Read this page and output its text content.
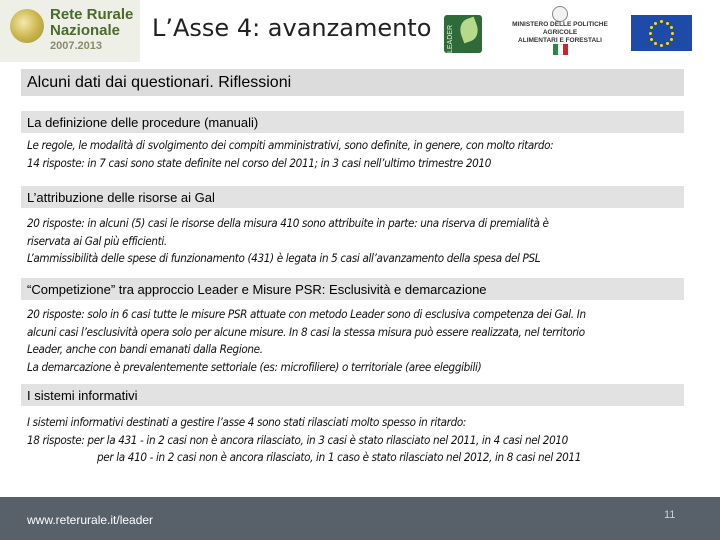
Rete Rurale
Nazionale
2007.2013
L’Asse 4: avanzamento LEADER
MINISTERO DELLE POLITICHE AGRICOLE
ALIMENTARI E FORESTALI
Alcuni dati dai questionari. Riflessioni
La definizione delle procedure (manuali)

Le regole, le modalità di svolgimento dei compiti amministrativi, sono definite, in genere, con molto ritardo:

14 risposte: in 7 casi sono state definite nel corso del 2011; in 3 casi nell’ultimo trimestre 2010

L’attribuzione delle risorse ai Gal

20 risposte: in alcuni (5) casi le risorse della misura 410 sono attribuite in parte: una riserva di premialità è

riservata ai Gal più efficienti.

L’ammissibilità delle spese di funzionamento (431) è legata in 5 casi all’avanzamento della spesa del PSL

“Competizione” tra approccio Leader e Misure PSR: Esclusività e demarcazione

20 risposte: solo in 6 casi tutte le misure PSR attuate con metodo Leader sono di esclusiva competenza dei Gal. In

alcuni casi l’esclusività opera solo per alcune misure. In 8 casi la stessa misura può essere realizzata, nel territorio

Leader, anche con bandi emanati dalla Regione.

La demarcazione è prevalentemente settoriale (es: microfiliere) o territoriale (aree eleggibili)

I sistemi informativi

I sistemi informativi destinati a gestire l’asse 4 sono stati rilasciati molto spesso in ritardo:

18 risposte: per la 431 - in 2 casi non è ancora rilasciato, in 3 casi è stato rilasciato nel 2011, in 4 casi nel 2010

per la 410 - in 2 casi non è ancora rilasciato, in 1 caso è stato rilasciato nel 2012, in 8 casi nel 2011

www.reterurale.it/leader	11
